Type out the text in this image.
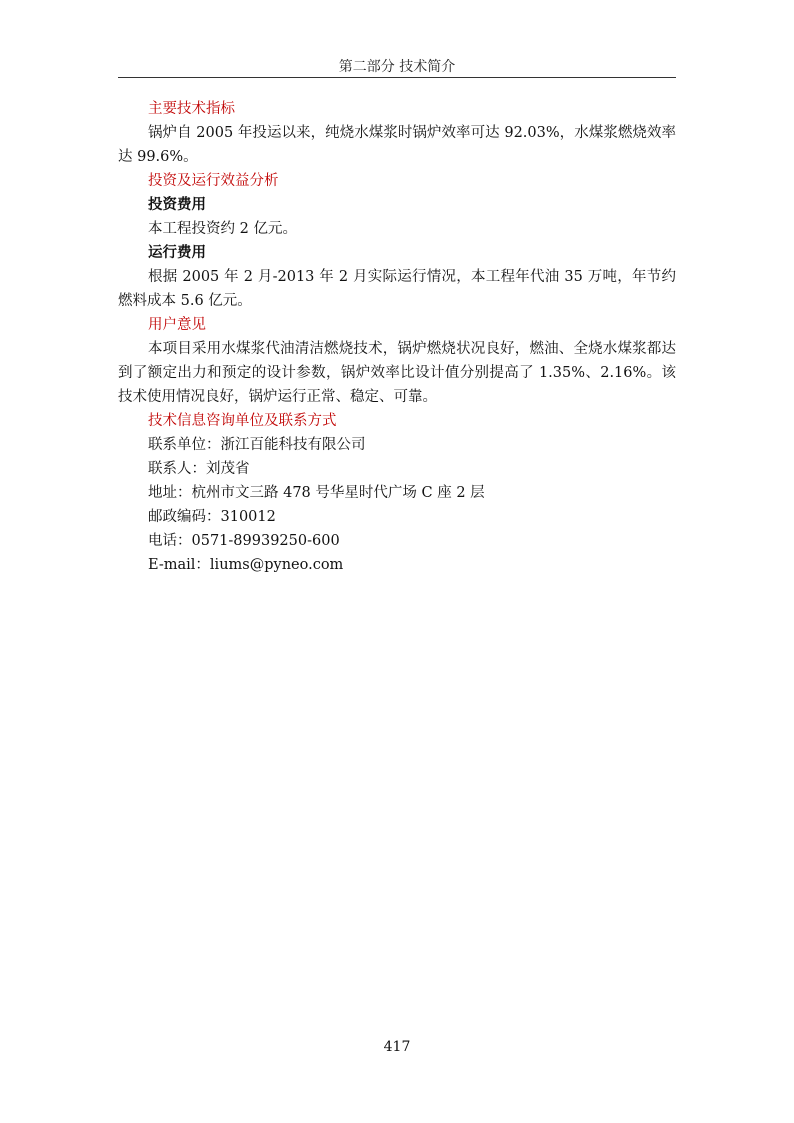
第二部分 技术简介
主要技术指标

锅炉自 2005 年投运以来，纯烧水煤浆时锅炉效率可达 92.03%，水煤浆燃烧效率达 99.6%。

投资及运行效益分析
投资费用

本工程投资约 2 亿元。

运行费用

根据 2005 年 2 月-2013 年 2 月实际运行情况，本工程年代油 35 万吨，年节约燃料成本 5.6 亿元。

用户意见

本项目采用水煤浆代油清洁燃烧技术，锅炉燃烧状况良好，燃油、全烧水煤浆都达到了额定出力和预定的设计参数，锅炉效率比设计值分别提高了 1.35%、2.16%。该技术使用情况良好，锅炉运行正常、稳定、可靠。

技术信息咨询单位及联系方式
联系单位：浙江百能科技有限公司
联系人：刘茂省
地址：杭州市文三路 478 号华星时代广场 C 座 2 层
邮政编码：310012
电话：0571-89939250-600
E-mail：liums@pyneo.com
417
